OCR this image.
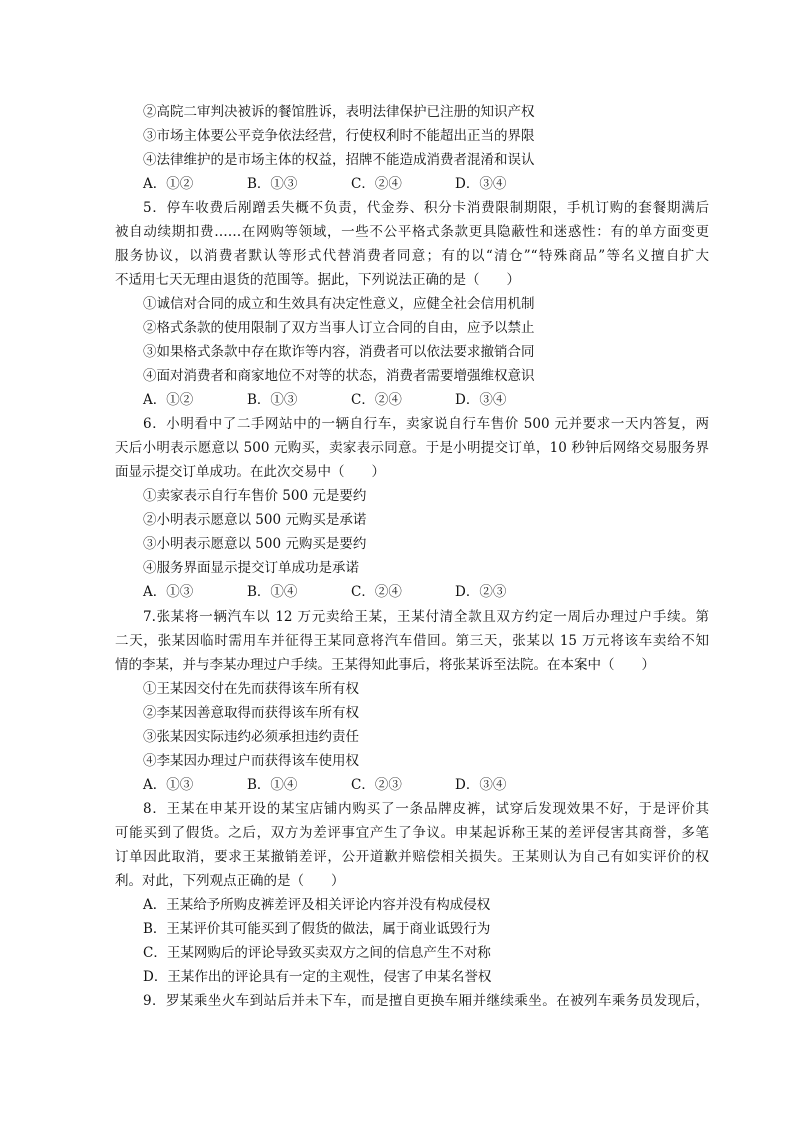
②高院二审判决被诉的餐馆胜诉，表明法律保护已注册的知识产权
③市场主体要公平竞争依法经营，行使权利时不能超出正当的界限
④法律维护的是市场主体的权益，招牌不能造成消费者混淆和误认
A．①②	B．①③	C．②④	D．③④
5．停车收费后剐蹭丢失概不负责，代金券、积分卡消费限制期限，手机订购的套餐期满后
被自动续期扣费……在网购等领域，一些不公平格式条款更具隐蔽性和迷惑性：有的单方面变更
服务协议，以消费者默认等形式代替消费者同意；有的以“清仓”“特殊商品”等名义擅自扩大
不适用七天无理由退货的范围等。据此，下列说法正确的是（　　）
①诚信对合同的成立和生效具有决定性意义，应健全社会信用机制
②格式条款的使用限制了双方当事人订立合同的自由，应予以禁止
③如果格式条款中存在欺诈等内容，消费者可以依法要求撤销合同
④面对消费者和商家地位不对等的状态，消费者需要增强维权意识
A．①②	B．①③	C．②④	D．③④
6．小明看中了二手网站中的一辆自行车，卖家说自行车售价 500 元并要求一天内答复，两
天后小明表示愿意以 500 元购买，卖家表示同意。于是小明提交订单，10 秒钟后网络交易服务界
面显示提交订单成功。在此次交易中（　　）
①卖家表示自行车售价 500 元是要约
②小明表示愿意以 500 元购买是承诺
③小明表示愿意以 500 元购买是要约
④服务界面显示提交订单成功是承诺
A．①③	B．①④	C．②④	D．②③
7.张某将一辆汽车以 12 万元卖给王某，王某付清全款且双方约定一周后办理过户手续。第
二天，张某因临时需用车并征得王某同意将汽车借回。第三天，张某以 15 万元将该车卖给不知
情的李某，并与李某办理过户手续。王某得知此事后，将张某诉至法院。在本案中（　　）
①王某因交付在先而获得该车所有权
②李某因善意取得而获得该车所有权
③张某因实际违约必须承担违约责任
④李某因办理过户而获得该车使用权
A．①③	B．①④	C．②③	D．③④
8．王某在申某开设的某宝店铺内购买了一条品牌皮裤，试穿后发现效果不好，于是评价其
可能买到了假货。之后，双方为差评事宜产生了争议。申某起诉称王某的差评侵害其商誉，多笔
订单因此取消，要求王某撤销差评，公开道歉并赔偿相关损失。王某则认为自己有如实评价的权
利。对此，下列观点正确的是（　　）
A．王某给予所购皮裤差评及相关评论内容并没有构成侵权
B．王某评价其可能买到了假货的做法，属于商业诋毁行为
C．王某网购后的评论导致买卖双方之间的信息产生不对称
D．王某作出的评论具有一定的主观性，侵害了申某名誉权
9．罗某乘坐火车到站后并未下车，而是擅自更换车厢并继续乘坐。在被列车乘务员发现后，
